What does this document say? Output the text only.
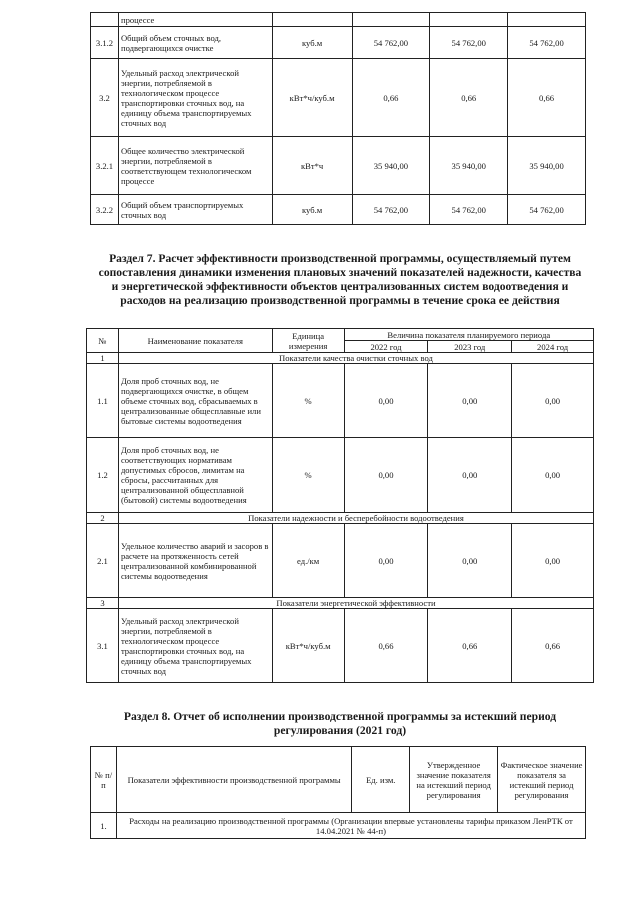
	процессе				
3.1.2	Общий объем сточных вод, подвергающихся очистке	куб.м	54 762,00	54 762,00	54 762,00
3.2	Удельный расход электрической энергии, потребляемой в технологическом процессе транспортировки сточных вод, на единицу объема транспортируемых сточных вод	кВт*ч/куб.м	0,66	0,66	0,66
3.2.1	Общее количество электрической энергии, потребляемой в соответствующем технологическом процессе	кВт*ч	35 940,00	35 940,00	35 940,00
3.2.2	Общий объем транспортируемых сточных вод	куб.м	54 762,00	54 762,00	54 762,00
Раздел 7. Расчет эффективности производственной программы, осуществляемый путем
сопоставления динамики изменения плановых значений показателей надежности, качества
и энергетической эффективности объектов централизованных систем водоотведения и
расходов на реализацию производственной программы в течение срока ее действия
№	Наименование показателя	Единица измерения	Величина показателя планируемого периода		
			2022 год	2023 год	2024 год
1	Показатели качества очистки сточных вод				
1.1	Доля проб сточных вод, не подвергающихся очистке, в общем объеме сточных вод, сбрасываемых в централизованные общесплавные или бытовые системы водоотведения	%	0,00	0,00	0,00
1.2	Доля проб сточных вод, не соответствующих нормативам допустимых сбросов, лимитам на сбросы, рассчитанных для централизованной общесплавной (бытовой) системы водоотведения	%	0,00	0,00	0,00
2	Показатели надежности и бесперебойности водоотведения				
2.1	Удельное количество аварий и засоров в расчете на протяженность сетей централизованной комбинированной системы водоотведения	ед./км	0,00	0,00	0,00
3	Показатели энергетической эффективности				
3.1	Удельный расход электрической энергии, потребляемой в технологическом процессе транспортировки сточных вод, на единицу объема транспортируемых сточных вод	кВт*ч/куб.м	0,66	0,66	0,66
Раздел 8. Отчет об исполнении производственной программы за истекший период
регулирования (2021 год)
№ п/п	Показатели эффективности производственной программы	Ед. изм.	Утвержденное значение показателя на истекший период регулирования	Фактическое значение показателя за истекший период регулирования
1.	Расходы на реализацию производственной программы (Организации впервые установлены тарифы приказом ЛенРТК от 14.04.2021 № 44-п)			
